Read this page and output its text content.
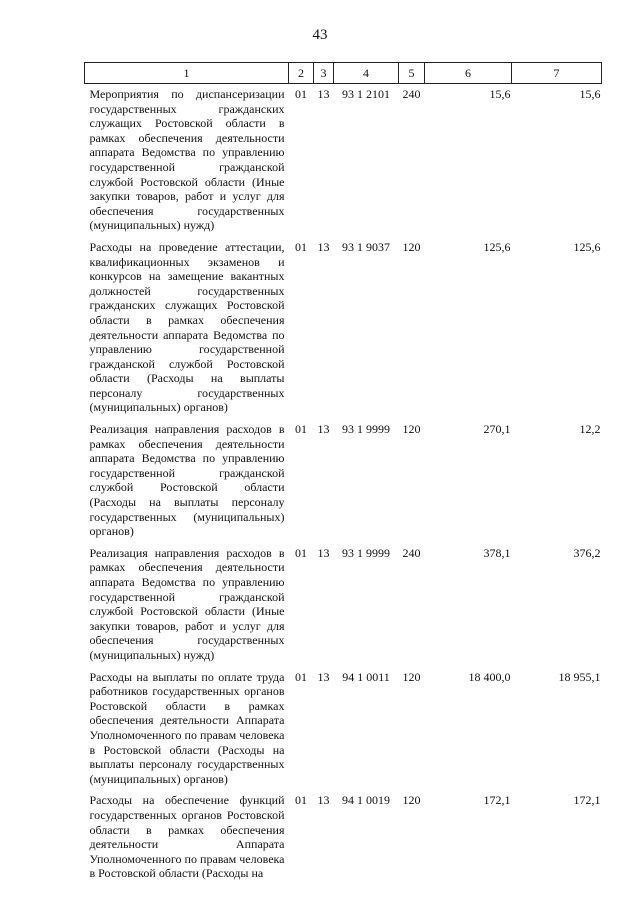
43
1	2	3	4	5	6	7
Мероприятия по диспансеризации государственных гражданских служащих Ростовской области в рамках обеспечения деятельности аппарата Ведомства по управлению государственной гражданской службой Ростовской области (Иные закупки товаров, работ и услуг для обеспечения государственных (муниципальных) нужд)	01	13	93 1 2101	240	15,6	15,6
Расходы на проведение аттестации, квалификационных экзаменов и конкурсов на замещение вакантных должностей государственных гражданских служащих Ростовской области в рамках обеспечения деятельности аппарата Ведомства по управлению государственной гражданской службой Ростовской области (Расходы на выплаты персоналу государственных (муниципальных) органов)	01	13	93 1 9037	120	125,6	125,6
Реализация направления расходов в рамках обеспечения деятельности аппарата Ведомства по управлению государственной гражданской службой Ростовской области (Расходы на выплаты персоналу государственных (муниципальных) органов)	01	13	93 1 9999	120	270,1	12,2
Реализация направления расходов в рамках обеспечения деятельности аппарата Ведомства по управлению государственной гражданской службой Ростовской области (Иные закупки товаров, работ и услуг для обеспечения государственных (муниципальных) нужд)	01	13	93 1 9999	240	378,1	376,2
Расходы на выплаты по оплате труда работников государственных органов Ростовской области в рамках обеспечения деятельности Аппарата Уполномоченного по правам человека в Ростовской области (Расходы на выплаты персоналу государственных (муниципальных) органов)	01	13	94 1 0011	120	18 400,0	18 955,1
Расходы на обеспечение функций государственных органов Ростовской области в рамках обеспечения деятельности Аппарата Уполномоченного по правам человека в Ростовской области (Расходы на	01	13	94 1 0019	120	172,1	172,1
